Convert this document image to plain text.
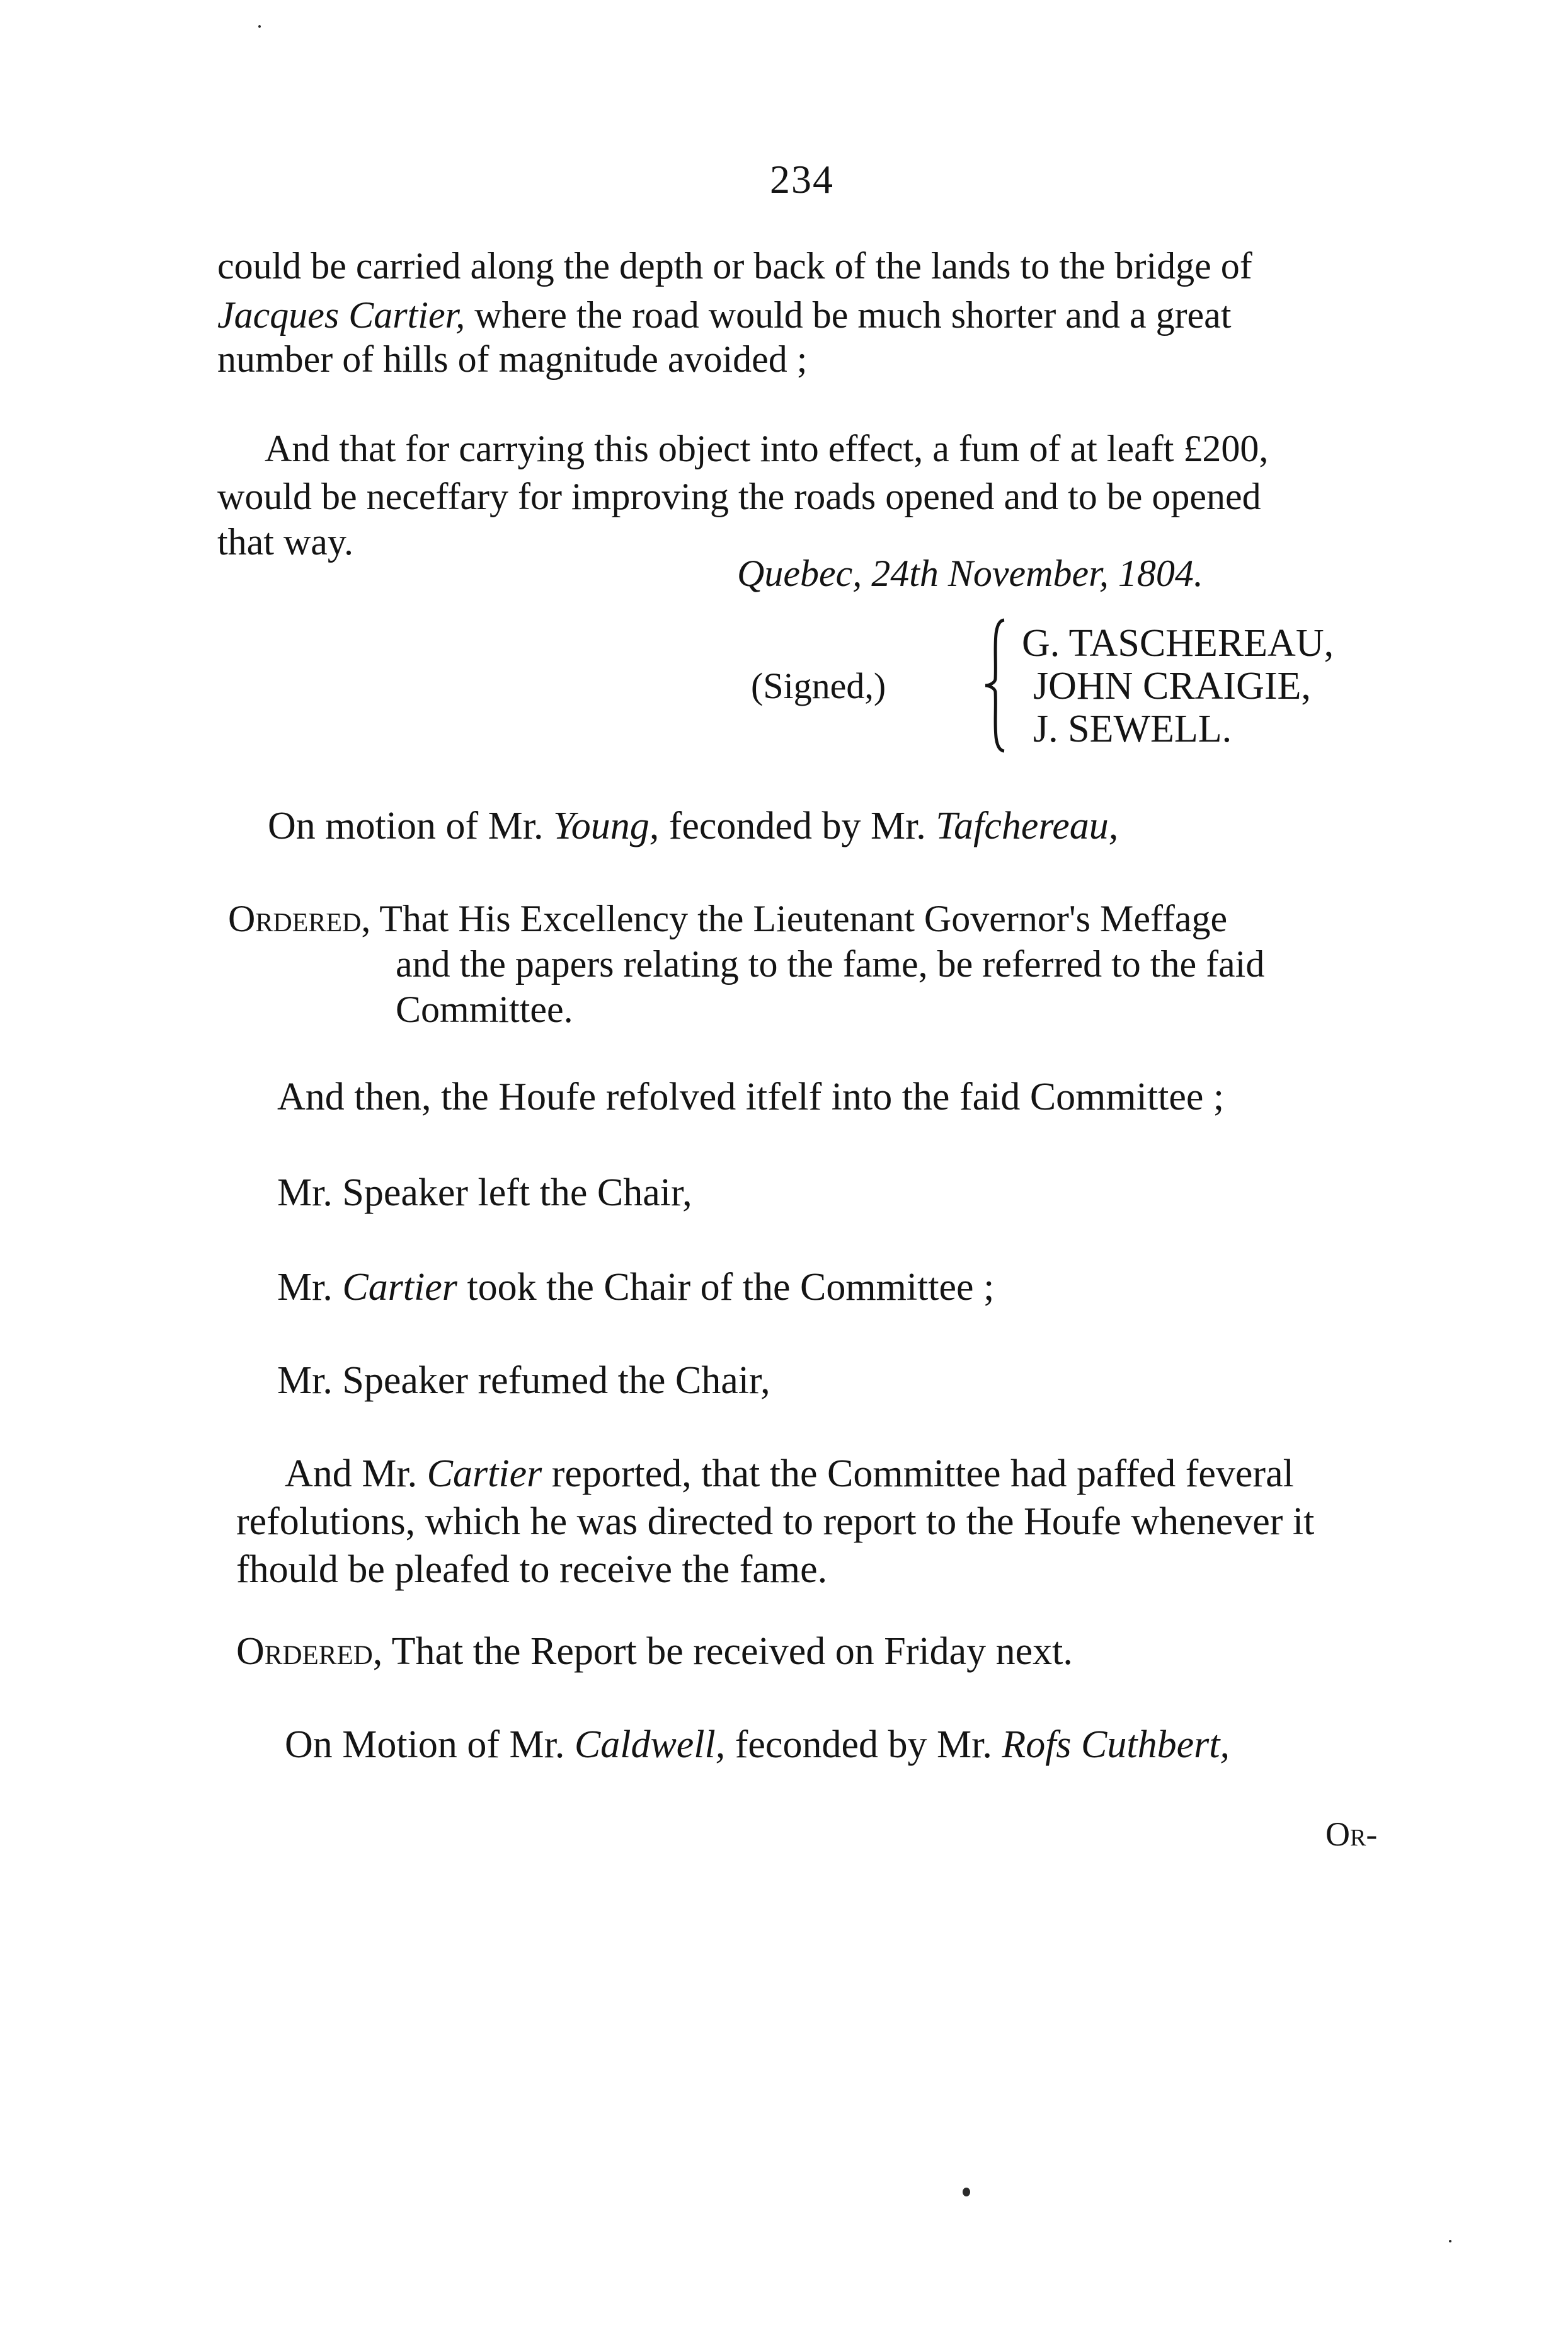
234
could be carried along the depth or back of the lands to the bridge of
Jacques Cartier, where the road would be much shorter and a great
number of hills of magnitude avoided ;
And that for carrying this object into effect, a fum of at leaft £200,
would be neceffary for improving the roads opened and to be opened
that way.
Quebec, 24th November, 1804.
(Signed,)
G. TASCHEREAU,
JOHN CRAIGIE,
J. SEWELL.
On motion of Mr. Young, feconded by Mr. Tafchereau,
Ordered, That His Excellency the Lieutenant Governor's Meffage
and the papers relating to the fame, be referred to the faid
Committee.
And then, the Houfe refolved itfelf into the faid Committee ;
Mr. Speaker left the Chair,
Mr. Cartier took the Chair of the Committee ;
Mr. Speaker refumed the Chair,
And Mr. Cartier reported, that the Committee had paffed feveral
refolutions, which he was directed to report to the Houfe whenever it
fhould be pleafed to receive the fame.
Ordered, That the Report be received on Friday next.
On Motion of Mr. Caldwell, feconded by Mr. Rofs Cuthbert,
Or-
